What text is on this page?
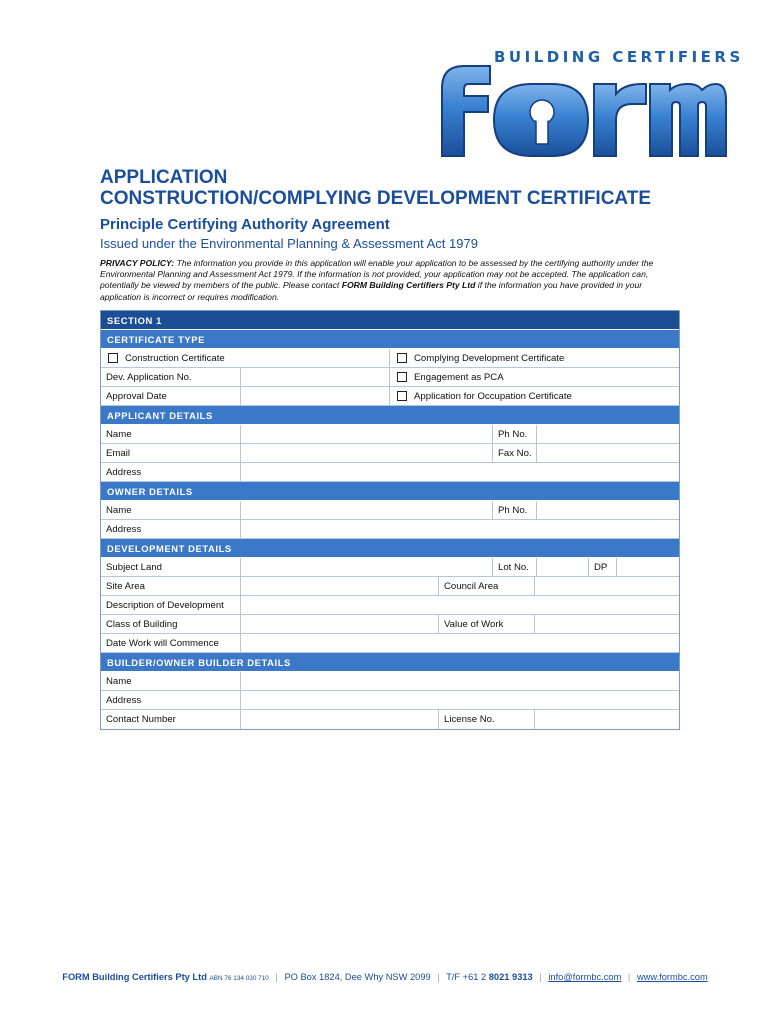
BUILDING CERTIFIERS
APPLICATION
CONSTRUCTION/COMPLYING DEVELOPMENT CERTIFICATE
Principle Certifying Authority Agreement
Issued under the Environmental Planning & Assessment Act 1979
PRIVACY POLICY: The information you provide in this application will enable your application to be assessed by the certifying authority under the Environmental Planning and Assessment Act 1979. If the information is not provided, your application may not be accepted. The application can, potentially be viewed by members of the public. Please contact FORM Building Certifiers Pty Ltd if the information you have provided in your application is incorrect or requires modification.
SECTION 1
CERTIFICATE TYPE
Construction Certificate	Complying Development Certificate
Dev. Application No.	Engagement as PCA
Approval Date	Application for Occupation Certificate
APPLICANT DETAILS
Name	Ph No.
Email	Fax No.
Address
OWNER DETAILS
Name	Ph No.
Address
DEVELOPMENT DETAILS
Subject Land	Lot No.	DP
Site Area	Council Area
Description of Development
Class of Building	Value of Work
Date Work will Commence
BUILDER/OWNER BUILDER DETAILS
Name
Address
Contact Number	License No.
FORM Building Certifiers Pty Ltd ABN 76 134 030 710 | PO Box 1824, Dee Why NSW 2099 | T/F +61 2 8021 9313 | info@formbc.com | www.formbc.com
